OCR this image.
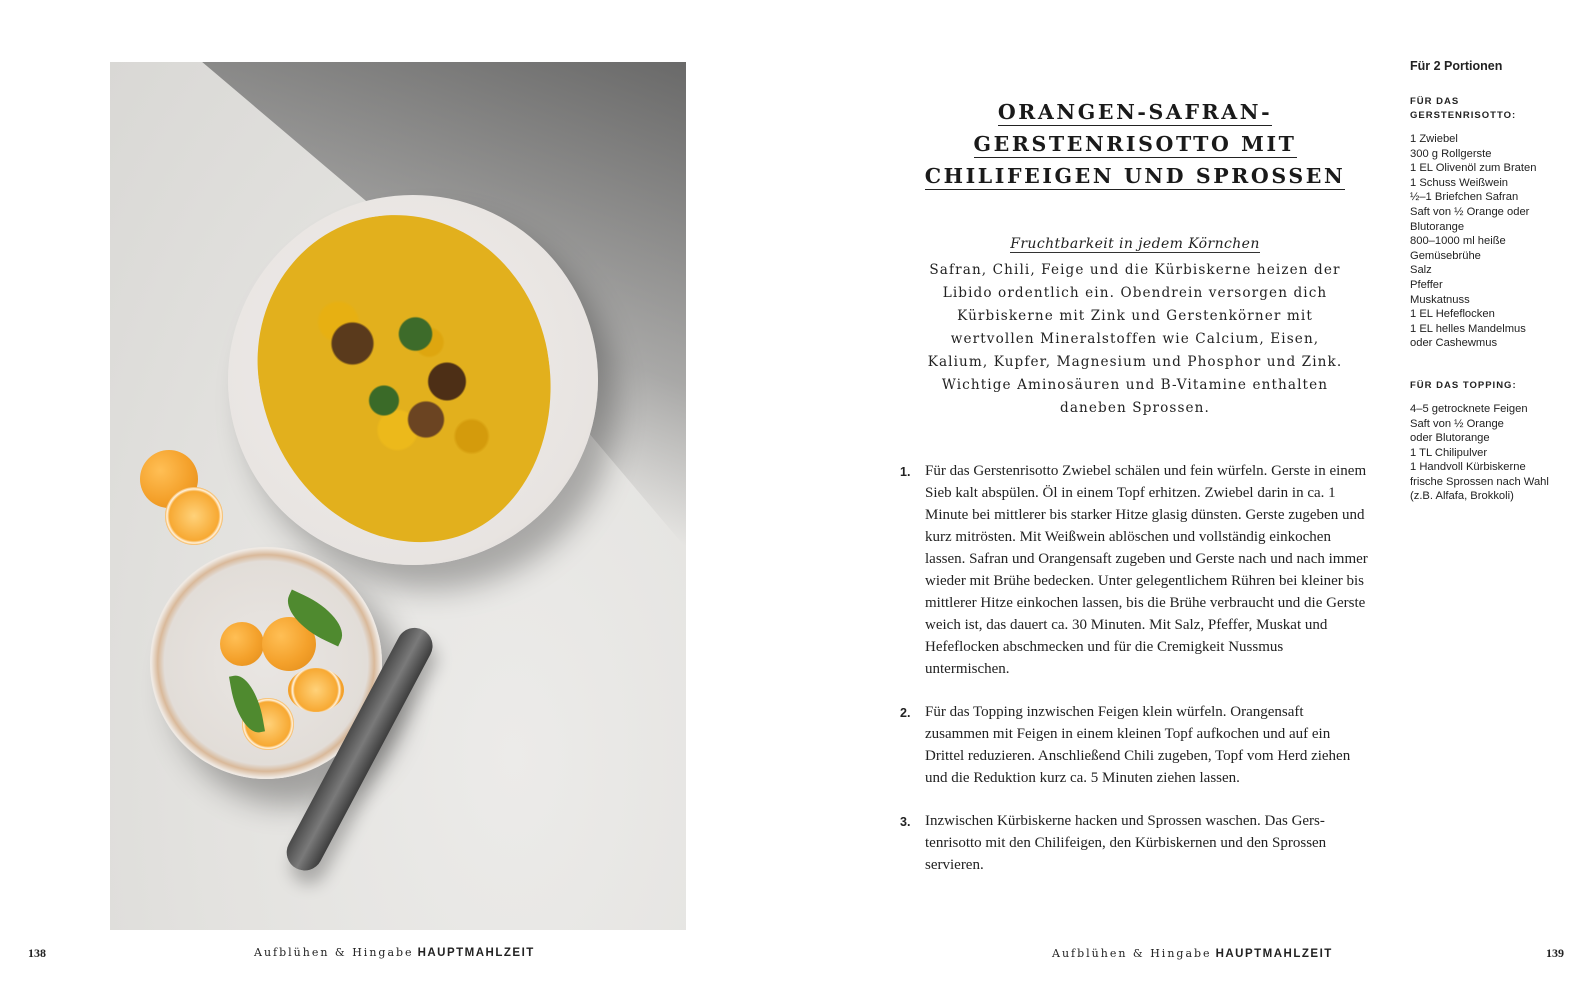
ORANGEN-SAFRAN-
GERSTENRISOTTO MIT
CHILIFEIGEN UND SPROSSEN
Fruchtbarkeit in jedem Körnchen

Safran, Chili, Feige und die Kürbiskerne heizen der Libido ordentlich ein. Obendrein versorgen dich Kürbiskerne mit Zink und Gerstenkörner mit wertvollen Mineralstoffen wie Calcium, Eisen, Kalium, Kupfer, Magnesium und Phosphor und Zink. Wichtige Aminosäuren und B-Vitamine enthalten daneben Sprossen.

1. Für das Gerstenrisotto Zwiebel schälen und fein würfeln. Gerste in einem Sieb kalt abspülen. Öl in einem Topf erhitzen. Zwiebel darin in ca. 1 Minute bei mittlerer bis starker Hitze glasig dünsten. Gerste zugeben und kurz mitrösten. Mit Weißwein ablöschen und vollständig einkochen lassen. Safran und Orangensaft zugeben und Gerste nach und nach immer wieder mit Brühe bedecken. Unter gelegentlichem Rühren bei kleiner bis mittlerer Hitze einkochen lassen, bis die Brühe verbraucht und die Gerste weich ist, das dauert ca. 30 Minuten. Mit Salz, Pfeffer, Muskat und Hefeflocken abschmecken und für die Cremigkeit Nussmus untermischen.
2. Für das Topping inzwischen Feigen klein würfeln. Orangensaft zusammen mit Feigen in einem kleinen Topf aufkochen und auf ein Drittel reduzieren. Anschließend Chili zugeben, Topf vom Herd ziehen und die Reduktion kurz ca. 5 Minuten ziehen lassen.
3. Inzwischen Kürbiskerne hacken und Sprossen waschen. Das Gerstenrisotto mit den Chilifeigen, den Kürbiskernen und den Sprossen servieren.

Für 2 Portionen

FÜR DAS GERSTENRISOTTO:

1 Zwiebel
300 g Rollgerste
1 EL Olivenöl zum Braten
1 Schuss Weißwein
½–1 Briefchen Safran
Saft von ½ Orange oder
Blutorange
800–1000 ml heiße
Gemüsebrühe
Salz
Pfeffer
Muskatnuss
1 EL Hefeflocken
1 EL helles Mandelmus
oder Cashewmus

FÜR DAS TOPPING:

4–5 getrocknete Feigen
Saft von ½ Orange
oder Blutorange
1 TL Chilipulver
1 Handvoll Kürbiskerne
frische Sprossen nach Wahl
(z.B. Alfafa, Brokkoli)
138	Aufblühen & Hingabe HAUPTMAHLZEIT	Aufblühen & Hingabe HAUPTMAHLZEIT	139
